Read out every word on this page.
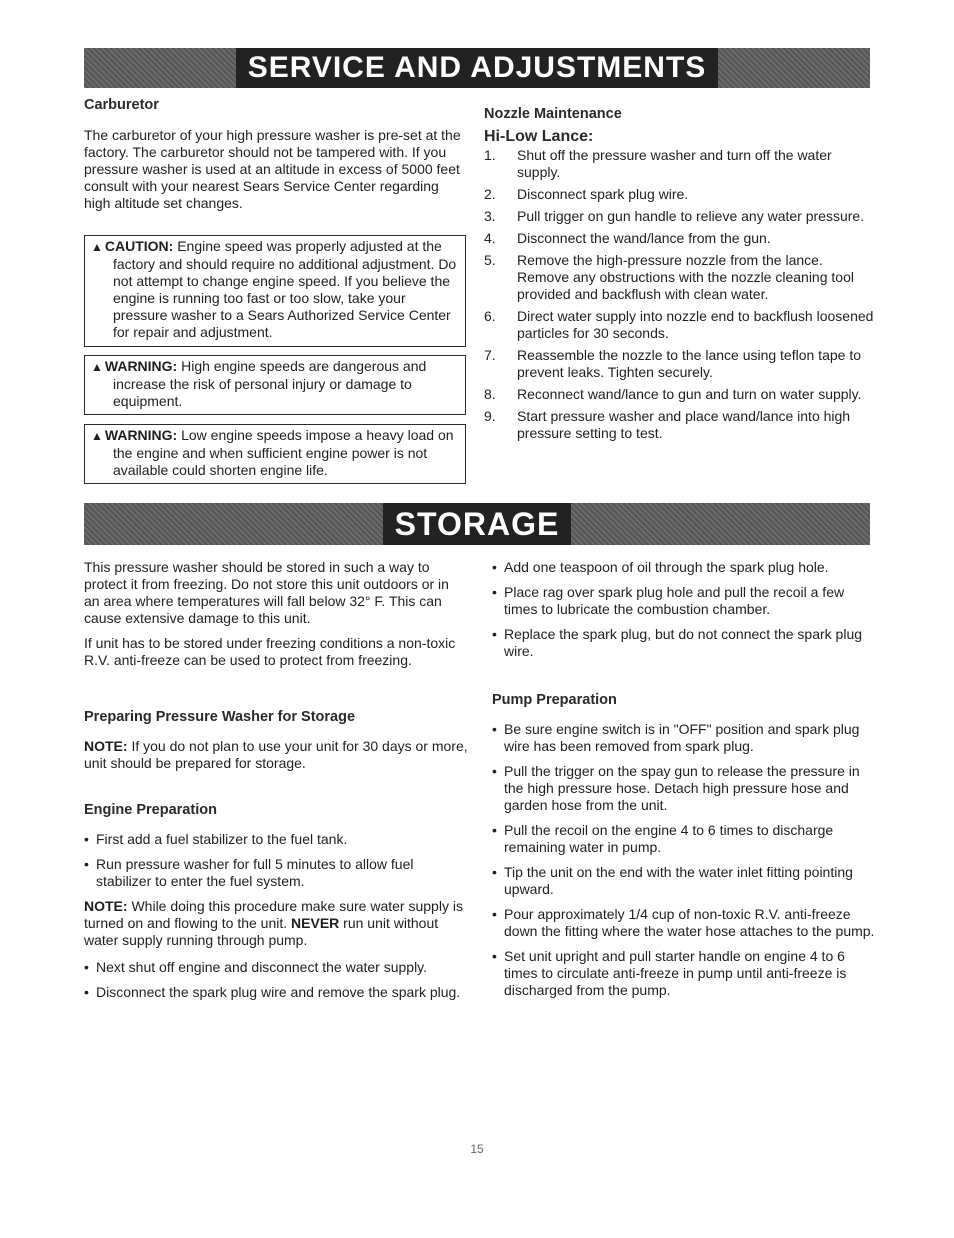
SERVICE AND ADJUSTMENTS
Carburetor

The carburetor of your high pressure washer is pre-set at the factory. The carburetor should not be tampered with. If you pressure washer is used at an altitude in excess of 5000 feet consult with your nearest Sears Service Center regarding high altitude set changes.

▲ CAUTION: Engine speed was properly adjusted at the factory and should require no additional adjustment. Do not attempt to change engine speed. If you believe the engine is running too fast or too slow, take your pressure washer to a Sears Authorized Service Center for repair and adjustment.
▲ WARNING: High engine speeds are dangerous and increase the risk of personal injury or damage to equipment.
▲ WARNING: Low engine speeds impose a heavy load on the engine and when sufficient engine power is not available could shorten engine life.
Nozzle Maintenance
Hi-Low Lance:
1. Shut off the pressure washer and turn off the water supply.
2. Disconnect spark plug wire.
3. Pull trigger on gun handle to relieve any water pressure.
4. Disconnect the wand/lance from the gun.
5. Remove the high-pressure nozzle from the lance. Remove any obstructions with the nozzle cleaning tool provided and backflush with clean water.
6. Direct water supply into nozzle end to backflush loosened particles for 30 seconds.
7. Reassemble the nozzle to the lance using teflon tape to prevent leaks. Tighten securely.
8. Reconnect wand/lance to gun and turn on water supply.
9. Start pressure washer and place wand/lance into high pressure setting to test.
STORAGE

This pressure washer should be stored in such a way to protect it from freezing. Do not store this unit outdoors or in an area where temperatures will fall below 32° F. This can cause extensive damage to this unit.

If unit has to be stored under freezing conditions a non-toxic R.V. anti-freeze can be used to protect from freezing.

Preparing Pressure Washer for Storage

NOTE: If you do not plan to use your unit for 30 days or more, unit should be prepared for storage.

Engine Preparation
• First add a fuel stabilizer to the fuel tank.
• Run pressure washer for full 5 minutes to allow fuel stabilizer to enter the fuel system.

NOTE: While doing this procedure make sure water supply is turned on and flowing to the unit. NEVER run unit without water supply running through pump.

• Next shut off engine and disconnect the water supply.
• Disconnect the spark plug wire and remove the spark plug.
• Add one teaspoon of oil through the spark plug hole.
• Place rag over spark plug hole and pull the recoil a few times to lubricate the combustion chamber.
• Replace the spark plug, but do not connect the spark plug wire.
Pump Preparation
• Be sure engine switch is in "OFF" position and spark plug wire has been removed from spark plug.
• Pull the trigger on the spay gun to release the pressure in the high pressure hose. Detach high pressure hose and garden hose from the unit.
• Pull the recoil on the engine 4 to 6 times to discharge remaining water in pump.
• Tip the unit on the end with the water inlet fitting pointing upward.
• Pour approximately 1/4 cup of non-toxic R.V. anti-freeze down the fitting where the water hose attaches to the pump.
• Set unit upright and pull starter handle on engine 4 to 6 times to circulate anti-freeze in pump until anti-freeze is discharged from the pump.
15
